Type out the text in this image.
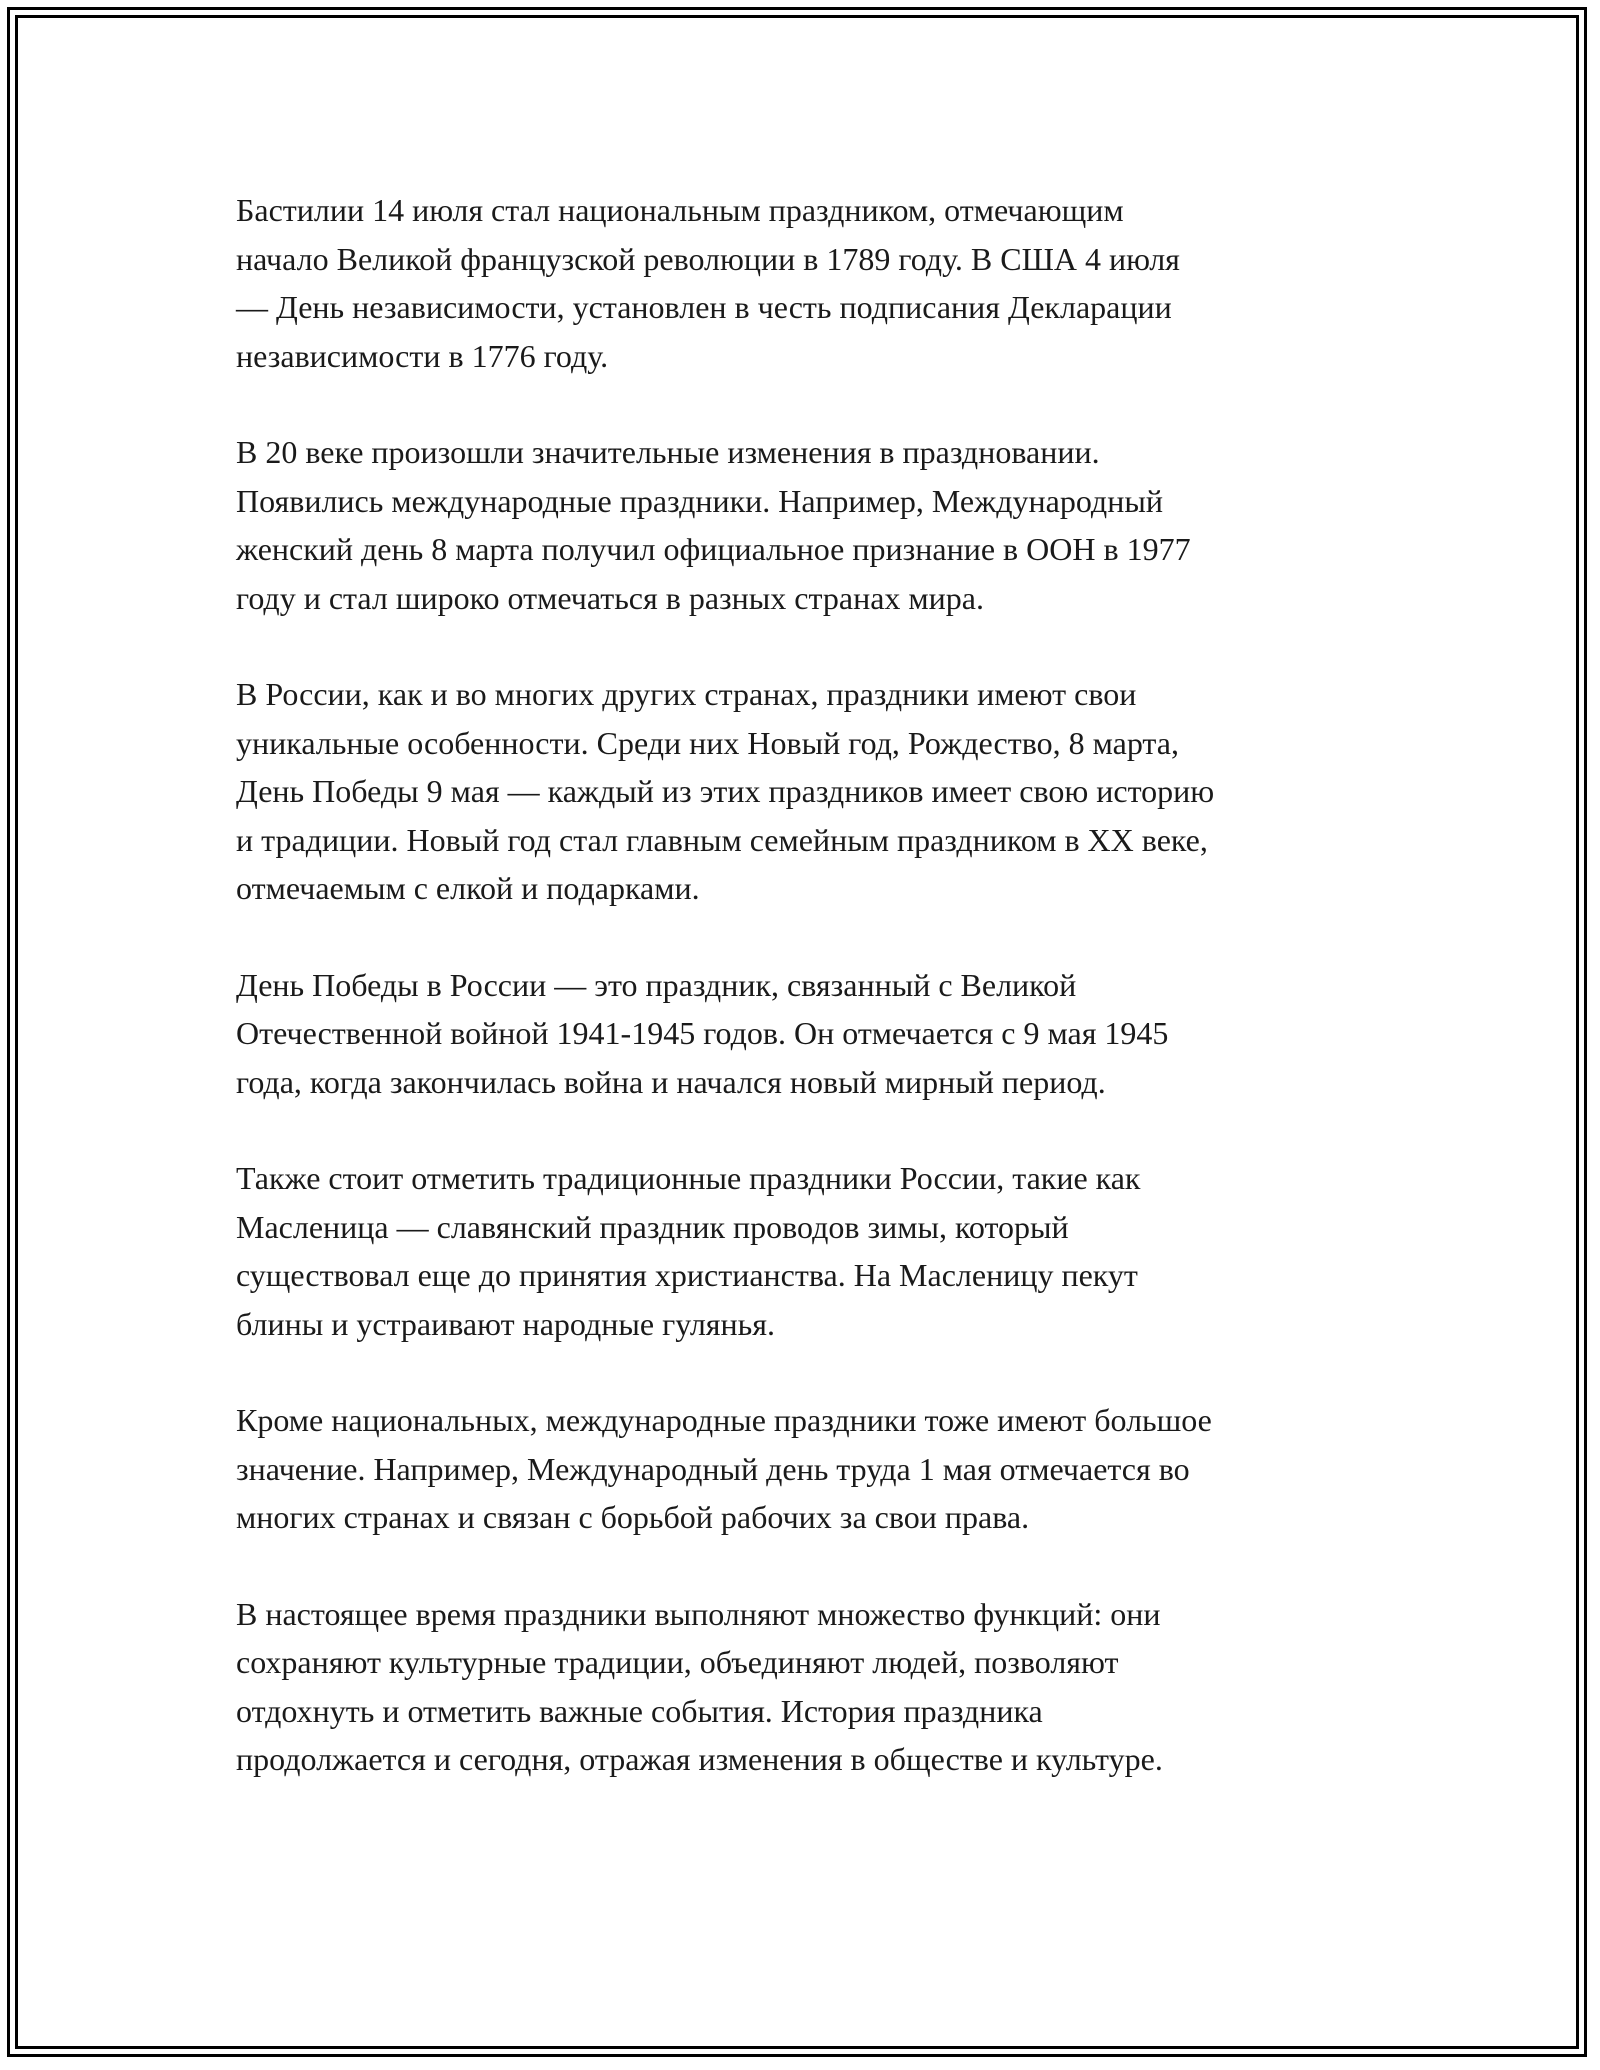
Бастилии 14 июля стал национальным праздником, отмечающим
начало Великой французской революции в 1789 году. В США 4 июля
— День независимости, установлен в честь подписания Декларации
независимости в 1776 году.

В 20 веке произошли значительные изменения в праздновании.
Появились международные праздники. Например, Международный
женский день 8 марта получил официальное признание в ООН в 1977
году и стал широко отмечаться в разных странах мира.

В России, как и во многих других странах, праздники имеют свои
уникальные особенности. Среди них Новый год, Рождество, 8 марта,
День Победы 9 мая — каждый из этих праздников имеет свою историю
и традиции. Новый год стал главным семейным праздником в XX веке,
отмечаемым с елкой и подарками.

День Победы в России — это праздник, связанный с Великой
Отечественной войной 1941-1945 годов. Он отмечается с 9 мая 1945
года, когда закончилась война и начался новый мирный период.

Также стоит отметить традиционные праздники России, такие как
Масленица — славянский праздник проводов зимы, который
существовал еще до принятия христианства. На Масленицу пекут
блины и устраивают народные гулянья.

Кроме национальных, международные праздники тоже имеют большое
значение. Например, Международный день труда 1 мая отмечается во
многих странах и связан с борьбой рабочих за свои права.

В настоящее время праздники выполняют множество функций: они
сохраняют культурные традиции, объединяют людей, позволяют
отдохнуть и отметить важные события. История праздника
продолжается и сегодня, отражая изменения в обществе и культуре.
